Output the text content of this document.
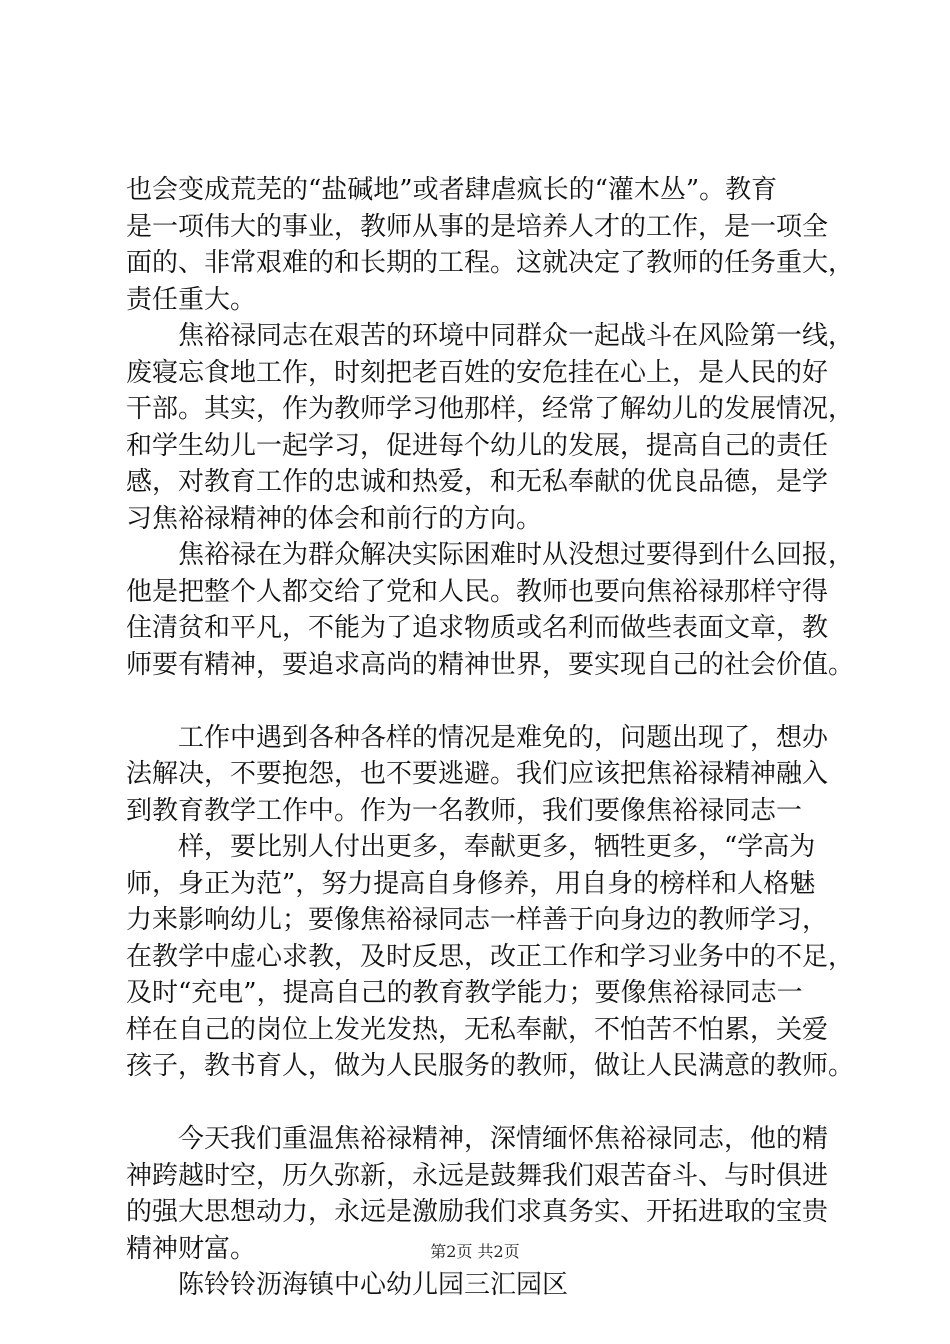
也会变成荒芜的“盐碱地”或者肆虐疯长的“灌木丛”。教育
是一项伟大的事业，教师从事的是培养人才的工作，是一项全
面的、非常艰难的和长期的工程。这就决定了教师的任务重大，
责任重大。
　　焦裕禄同志在艰苦的环境中同群众一起战斗在风险第一线，
废寝忘食地工作，时刻把老百姓的安危挂在心上，是人民的好
干部。其实，作为教师学习他那样，经常了解幼儿的发展情况，
和学生幼儿一起学习，促进每个幼儿的发展，提高自己的责任
感，对教育工作的忠诚和热爱，和无私奉献的优良品德，是学
习焦裕禄精神的体会和前行的方向。
　　焦裕禄在为群众解决实际困难时从没想过要得到什么回报，
他是把整个人都交给了党和人民。教师也要向焦裕禄那样守得
住清贫和平凡，不能为了追求物质或名利而做些表面文章，教
师要有精神，要追求高尚的精神世界，要实现自己的社会价值。
　　工作中遇到各种各样的情况是难免的，问题出现了，想办
法解决，不要抱怨，也不要逃避。我们应该把焦裕禄精神融入
到教育教学工作中。作为一名教师，我们要像焦裕禄同志一
　　样，要比别人付出更多，奉献更多，牺牲更多，“学高为
师，身正为范”，努力提高自身修养，用自身的榜样和人格魅
力来影响幼儿；要像焦裕禄同志一样善于向身边的教师学习，
在教学中虚心求教，及时反思，改正工作和学习业务中的不足，
及时“充电”，提高自己的教育教学能力；要像焦裕禄同志一
样在自己的岗位上发光发热，无私奉献，不怕苦不怕累，关爱
孩子，教书育人，做为人民服务的教师，做让人民满意的教师。
　　今天我们重温焦裕禄精神，深情缅怀焦裕禄同志，他的精
神跨越时空，历久弥新，永远是鼓舞我们艰苦奋斗、与时俱进
的强大思想动力，永远是激励我们求真务实、开拓进取的宝贵
精神财富。
　　陈铃铃沥海镇中心幼儿园三汇园区
第2页 共2页
